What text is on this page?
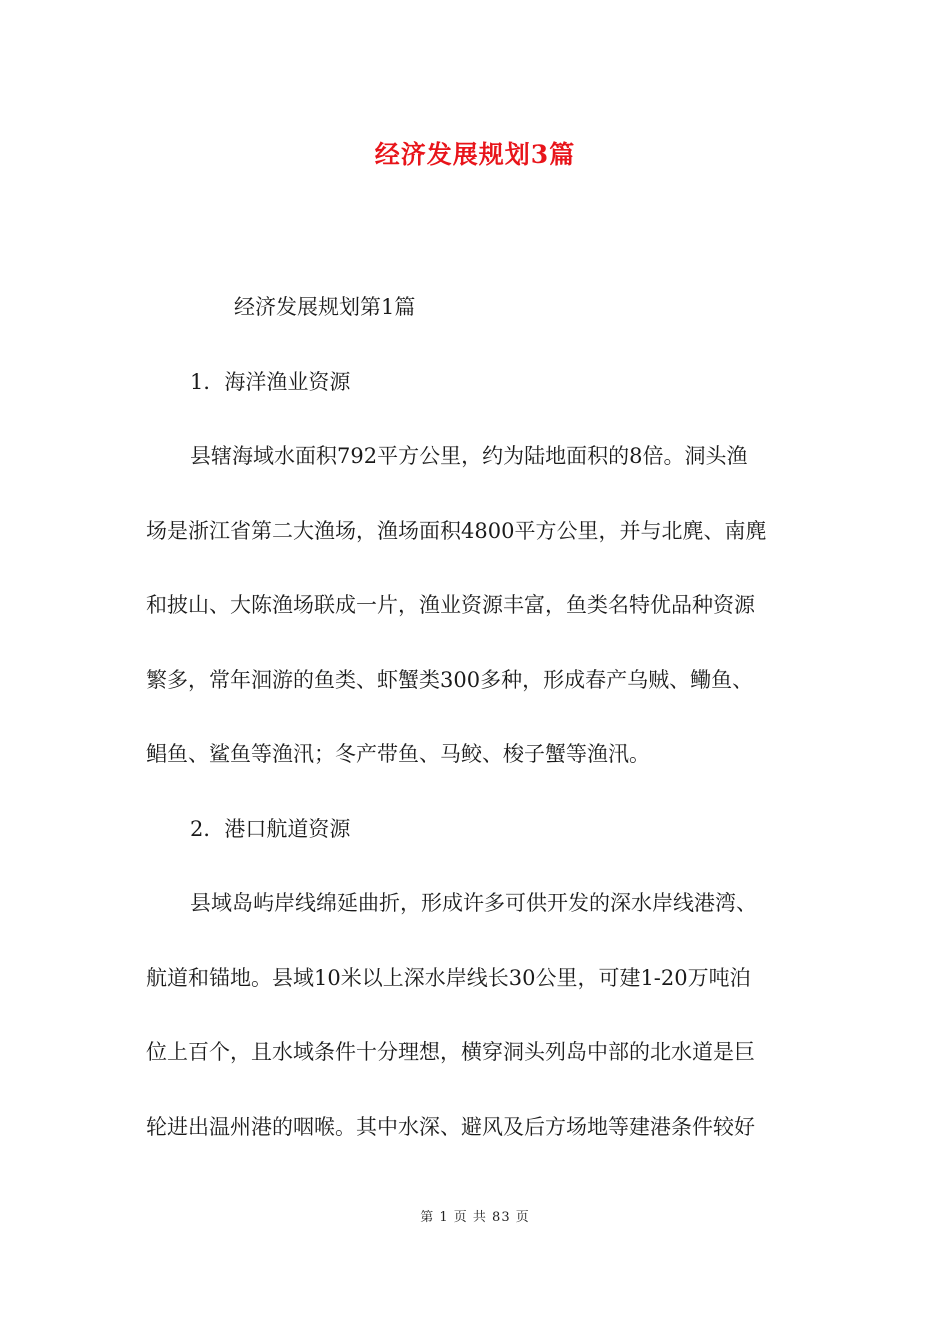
经济发展规划3篇

经济发展规划第1篇

1．海洋渔业资源

县辖海域水面积792平方公里，约为陆地面积的8倍。洞头渔

场是浙江省第二大渔场，渔场面积4800平方公里，并与北麂、南麂

和披山、大陈渔场联成一片，渔业资源丰富，鱼类名特优品种资源

繁多，常年洄游的鱼类、虾蟹类300多种，形成春产乌贼、鳓鱼、

鲳鱼、鲨鱼等渔汛；冬产带鱼、马鲛、梭子蟹等渔汛。

2．港口航道资源

县域岛屿岸线绵延曲折，形成许多可供开发的深水岸线港湾、

航道和锚地。县域10米以上深水岸线长30公里，可建1-20万吨泊

位上百个，且水域条件十分理想，横穿洞头列岛中部的北水道是巨

轮进出温州港的咽喉。其中水深、避风及后方场地等建港条件较好

第 1 页 共 83 页
